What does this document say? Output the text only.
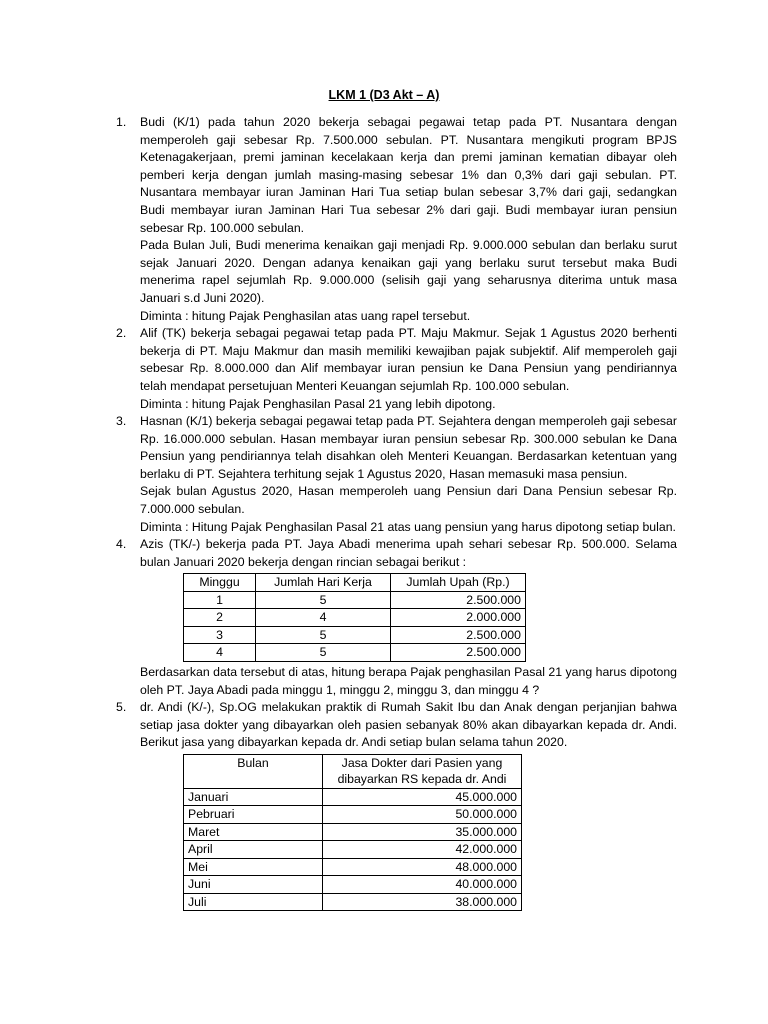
LKM 1 (D3 Akt – A)
1. Budi (K/1) pada tahun 2020 bekerja sebagai pegawai tetap pada PT. Nusantara dengan memperoleh gaji sebesar Rp. 7.500.000 sebulan. PT. Nusantara mengikuti program BPJS Ketenagakerjaan, premi jaminan kecelakaan kerja dan premi jaminan kematian dibayar oleh pemberi kerja dengan jumlah masing-masing sebesar 1% dan 0,3% dari gaji sebulan. PT. Nusantara membayar iuran Jaminan Hari Tua setiap bulan sebesar 3,7% dari gaji, sedangkan Budi membayar iuran Jaminan Hari Tua sebesar 2% dari gaji. Budi membayar iuran pensiun sebesar Rp. 100.000 sebulan.

Pada Bulan Juli, Budi menerima kenaikan gaji menjadi Rp. 9.000.000 sebulan dan berlaku surut sejak Januari 2020. Dengan adanya kenaikan gaji yang berlaku surut tersebut maka Budi menerima rapel sejumlah Rp. 9.000.000 (selisih gaji yang seharusnya diterima untuk masa Januari s.d Juni 2020).

Diminta : hitung Pajak Penghasilan atas uang rapel tersebut.

2. Alif (TK) bekerja sebagai pegawai tetap pada PT. Maju Makmur. Sejak 1 Agustus 2020 berhenti bekerja di PT. Maju Makmur dan masih memiliki kewajiban pajak subjektif. Alif memperoleh gaji sebesar Rp. 8.000.000 dan Alif membayar iuran pensiun ke Dana Pensiun yang pendiriannya telah mendapat persetujuan Menteri Keuangan sejumlah Rp. 100.000 sebulan.

Diminta : hitung Pajak Penghasilan Pasal 21 yang lebih dipotong.

3. Hasnan (K/1) bekerja sebagai pegawai tetap pada PT. Sejahtera dengan memperoleh gaji sebesar Rp. 16.000.000 sebulan. Hasan membayar iuran pensiun sebesar Rp. 300.000 sebulan ke Dana Pensiun yang pendiriannya telah disahkan oleh Menteri Keuangan. Berdasarkan ketentuan yang berlaku di PT. Sejahtera terhitung sejak 1 Agustus 2020, Hasan memasuki masa pensiun.

Sejak bulan Agustus 2020, Hasan memperoleh uang Pensiun dari Dana Pensiun sebesar Rp. 7.000.000 sebulan.

Diminta : Hitung Pajak Penghasilan Pasal 21 atas uang pensiun yang harus dipotong setiap bulan.

4. Azis (TK/-) bekerja pada PT. Jaya Abadi menerima upah sehari sebesar Rp. 500.000. Selama bulan Januari 2020 bekerja dengan rincian sebagai berikut :

Minggu	Jumlah Hari Kerja	Jumlah Upah (Rp.)
1	5	2.500.000
2	4	2.000.000
3	5	2.500.000
4	5	2.500.000

Berdasarkan data tersebut di atas, hitung berapa Pajak penghasilan Pasal 21 yang harus dipotong oleh PT. Jaya Abadi pada minggu 1, minggu 2, minggu 3, dan minggu 4 ?

5. dr. Andi (K/-), Sp.OG melakukan praktik di Rumah Sakit Ibu dan Anak dengan perjanjian bahwa setiap jasa dokter yang dibayarkan oleh pasien sebanyak 80% akan dibayarkan kepada dr. Andi. Berikut jasa yang dibayarkan kepada dr. Andi setiap bulan selama tahun 2020.

Bulan	Jasa Dokter dari Pasien yang dibayarkan RS kepada dr. Andi
Januari	45.000.000
Pebruari	50.000.000
Maret	35.000.000
April	42.000.000
Mei	48.000.000
Juni	40.000.000
Juli	38.000.000
